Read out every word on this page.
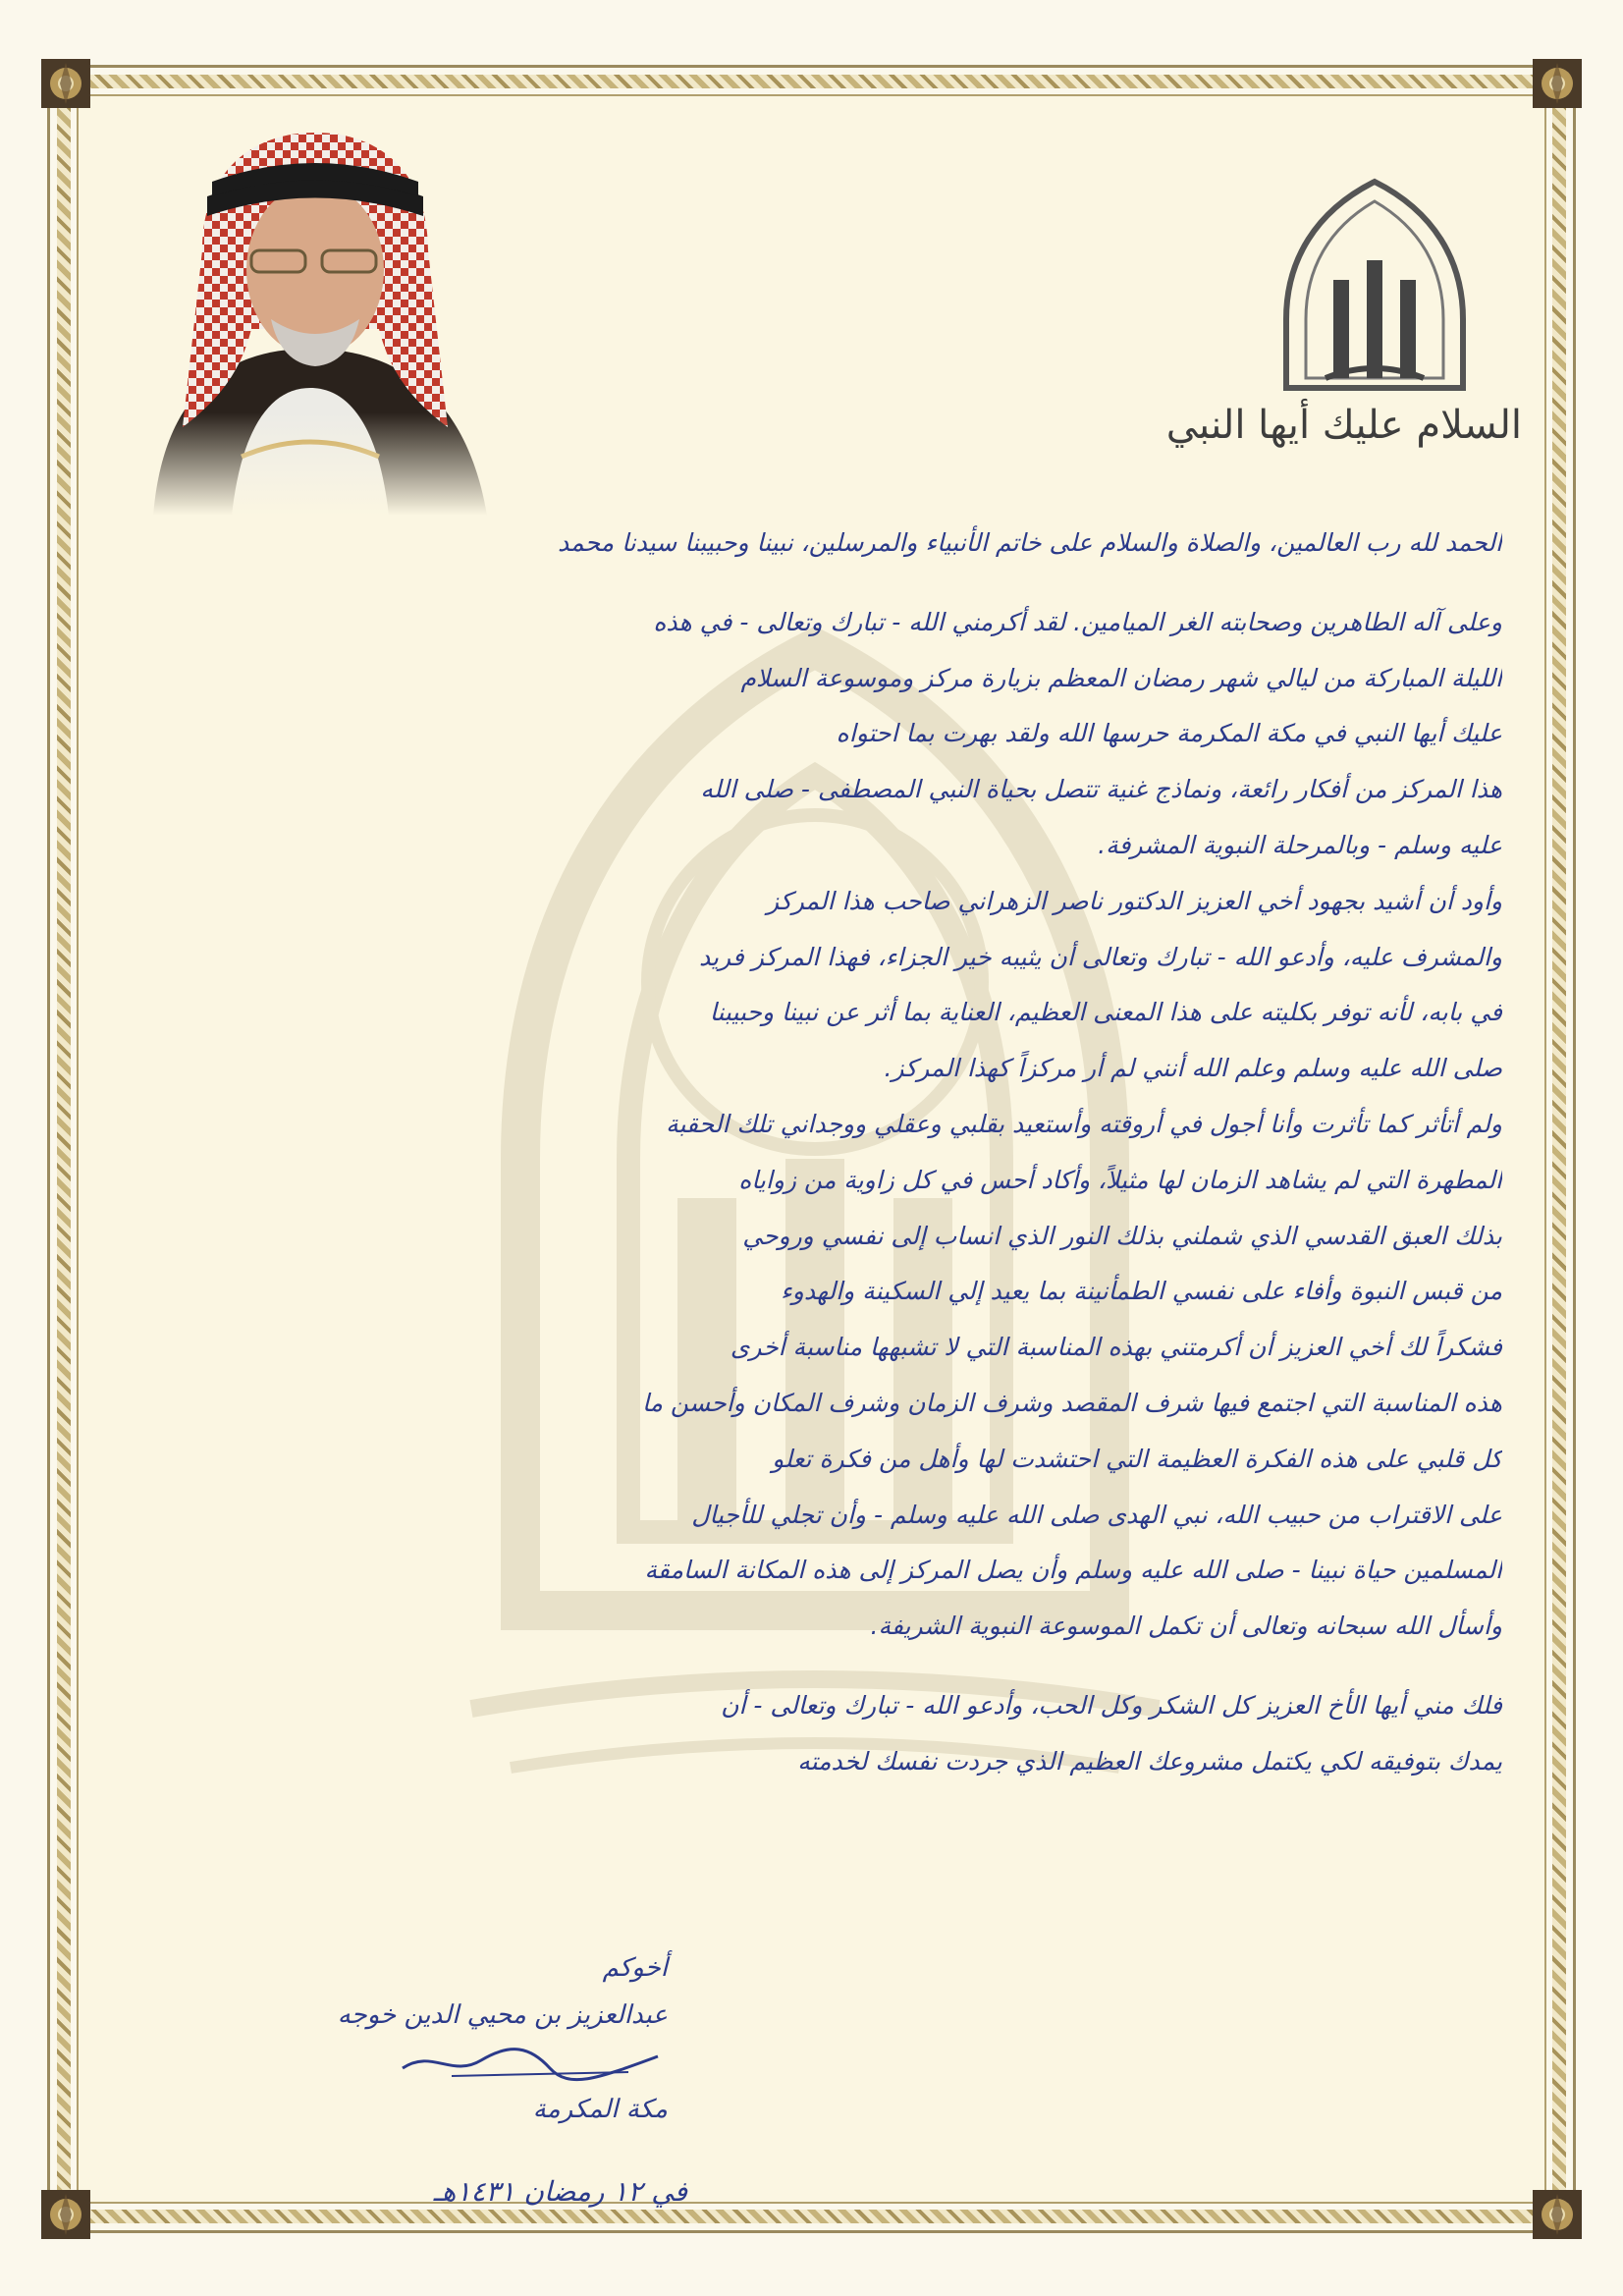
السلام عليك أيها النبي
الحمد لله رب العالمين، والصلاة والسلام على خاتم الأنبياء والمرسلين، نبينا وحبيبنا سيدنا محمد
وعلى آله الطاهرين وصحابته الغر الميامين. لقد أكرمني الله - تبارك وتعالى - في هذه
الليلة المباركة من ليالي شهر رمضان المعظم بزيارة مركز وموسوعة السلام
عليك أيها النبي في مكة المكرمة حرسها الله ولقد بهرت بما احتواه
هذا المركز من أفكار رائعة، ونماذج غنية تتصل بحياة النبي المصطفى - صلى الله
عليه وسلم - وبالمرحلة النبوية المشرفة.
وأود أن أشيد بجهود أخي العزيز الدكتور ناصر الزهراني صاحب هذا المركز
والمشرف عليه، وأدعو الله - تبارك وتعالى أن يثيبه خير الجزاء، فهذا المركز فريد
في بابه، لأنه توفر بكليته على هذا المعنى العظيم، العناية بما أثر عن نبينا وحبيبنا
صلى الله عليه وسلم وعلم الله أنني لم أر مركزاً كهذا المركز.
ولم أتأثر كما تأثرت وأنا أجول في أروقته وأستعيد بقلبي وعقلي ووجداني تلك الحقبة
المطهرة التي لم يشاهد الزمان لها مثيلاً، وأكاد أحس في كل زاوية من زواياه
بذلك العبق القدسي الذي شملني بذلك النور الذي انساب إلى نفسي وروحي
من قبس النبوة وأفاء على نفسي الطمأنينة بما يعيد إلي السكينة والهدوء
فشكراً لك أخي العزيز أن أكرمتني بهذه المناسبة التي لا تشبهها مناسبة أخرى
هذه المناسبة التي اجتمع فيها شرف المقصد وشرف الزمان وشرف المكان وأحسن ما
كل قلبي على هذه الفكرة العظيمة التي احتشدت لها وأهل من فكرة تعلو
على الاقتراب من حبيب الله، نبي الهدى صلى الله عليه وسلم - وأن تجلي للأجيال
المسلمين حياة نبينا - صلى الله عليه وسلم وأن يصل المركز إلى هذه المكانة السامقة
وأسأل الله سبحانه وتعالى أن تكمل الموسوعة النبوية الشريفة.
فلك مني أيها الأخ العزيز كل الشكر وكل الحب، وأدعو الله - تبارك وتعالى - أن
يمدك بتوفيقه لكي يكتمل مشروعك العظيم الذي جردت نفسك لخدمته
أخوكم
عبدالعزيز بن محيي الدين خوجه
مكة المكرمة
في ١٢ رمضان ١٤٣١هـ
